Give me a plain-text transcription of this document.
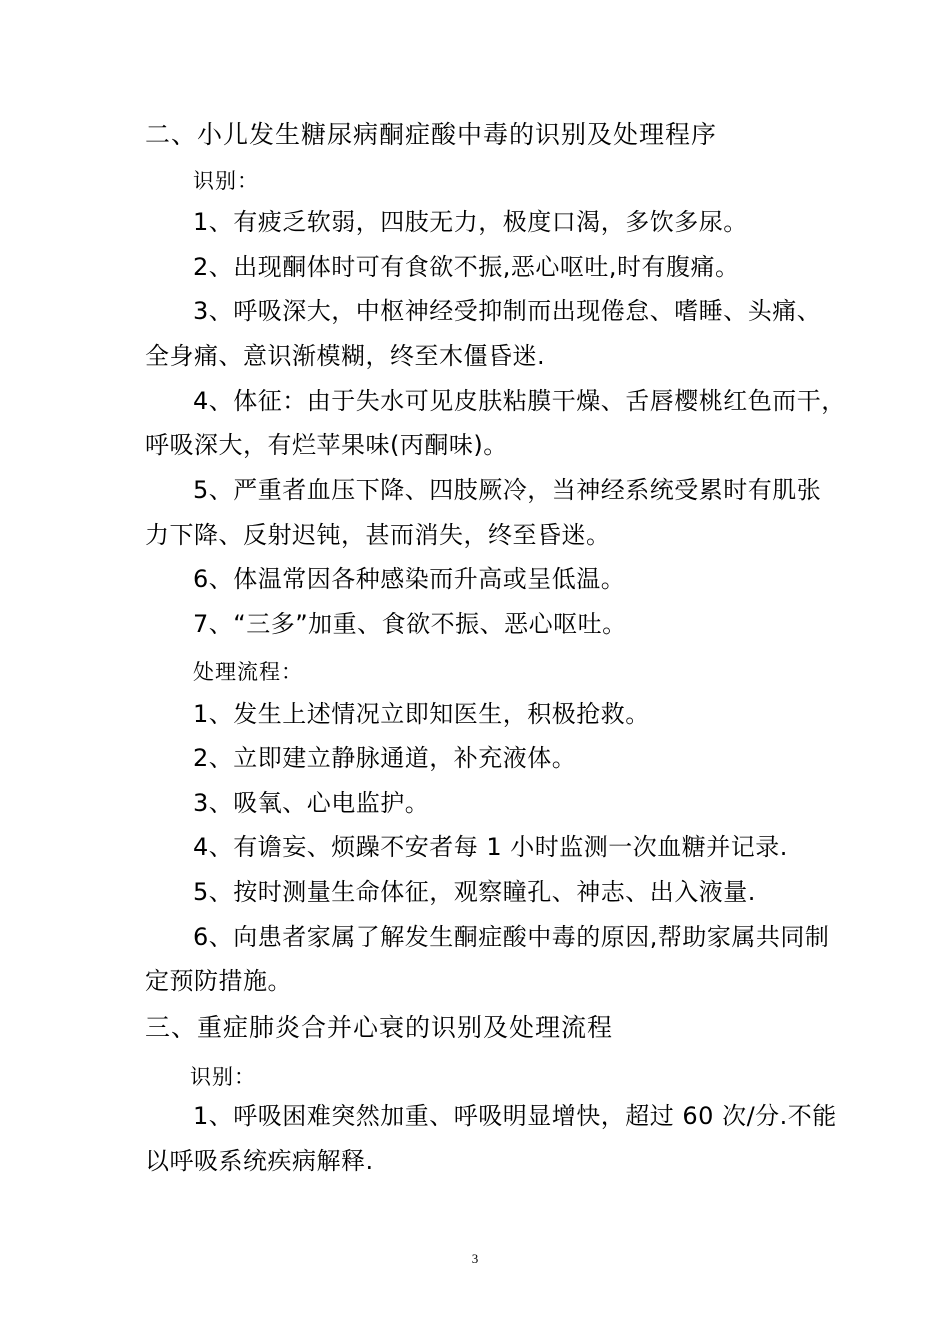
二、小儿发生糖尿病酮症酸中毒的识别及处理程序
识别：
1、有疲乏软弱，四肢无力，极度口渴，多饮多尿。
2、出现酮体时可有食欲不振,恶心呕吐,时有腹痛。
3、呼吸深大，中枢神经受抑制而出现倦怠、嗜睡、头痛、
全身痛、意识渐模糊，终至木僵昏迷.
4、体征：由于失水可见皮肤粘膜干燥、舌唇樱桃红色而干，
呼吸深大，有烂苹果味(丙酮味)。
5、严重者血压下降、四肢厥冷，当神经系统受累时有肌张
力下降、反射迟钝，甚而消失，终至昏迷。
6、体温常因各种感染而升高或呈低温。
7、“三多”加重、食欲不振、恶心呕吐。
处理流程：
1、发生上述情况立即知医生，积极抢救。
2、立即建立静脉通道，补充液体。
3、吸氧、心电监护。
4、有谵妄、烦躁不安者每 1 小时监测一次血糖并记录.
5、按时测量生命体征，观察瞳孔、神志、出入液量.
6、向患者家属了解发生酮症酸中毒的原因,帮助家属共同制
定预防措施。
三、重症肺炎合并心衰的识别及处理流程
识别：
1、呼吸困难突然加重、呼吸明显增快，超过 60 次/分.不能
以呼吸系统疾病解释.
3
